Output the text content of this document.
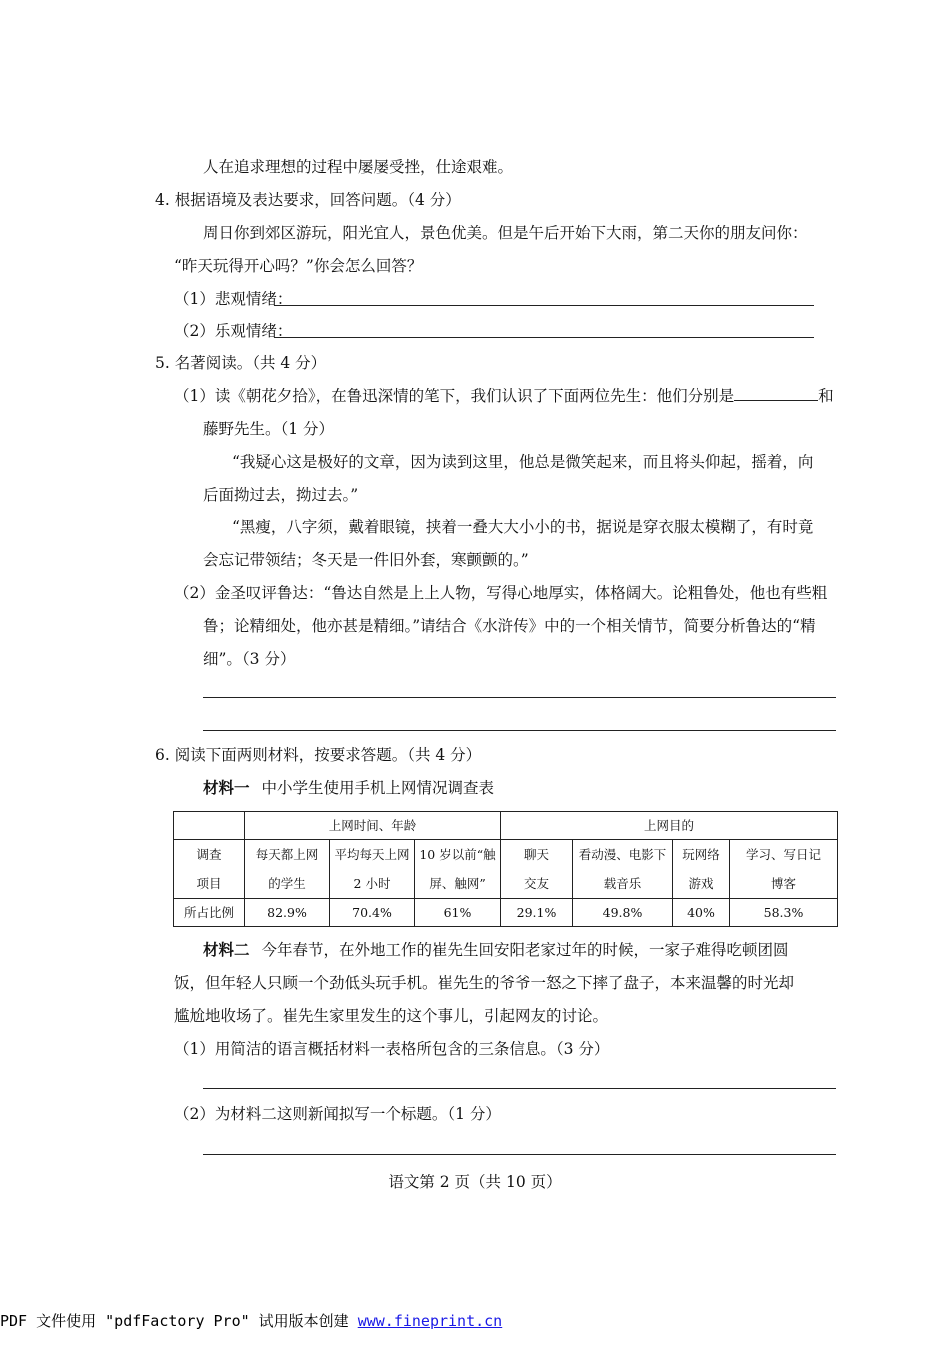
人在追求理想的过程中屡屡受挫，仕途艰难。
4. 根据语境及表达要求，回答问题。（4 分）
周日你到郊区游玩，阳光宜人，景色优美。但是午后开始下大雨，第二天你的朋友问你：
“昨天玩得开心吗？”你会怎么回答？
（1）悲观情绪：
（2）乐观情绪：
5. 名著阅读。（共 4 分）
（1）读《朝花夕拾》，在鲁迅深情的笔下，我们认识了下面两位先生：他们分别是	和
藤野先生。（1 分）
“我疑心这是极好的文章，因为读到这里，他总是微笑起来，而且将头仰起，摇着，向
后面拗过去，拗过去。”
“黑瘦，八字须，戴着眼镜，挟着一叠大大小小的书，据说是穿衣服太模糊了，有时竟
会忘记带领结；冬天是一件旧外套，寒颤颤的。”
（2）金圣叹评鲁达：“鲁达自然是上上人物，写得心地厚实，体格阔大。论粗鲁处，他也有些粗
鲁；论精细处，他亦甚是精细。”请结合《水浒传》中的一个相关情节，简要分析鲁达的“精
细”。（3 分）
6. 阅读下面两则材料，按要求答题。（共 4 分）
材料一 中小学生使用手机上网情况调查表
	上网时间、年龄			上网目的			

调查
项目	每天都上网
的学生	平均每天上网
2 小时	10 岁以前“触
屏、触网”	聊天
交友	看动漫、电影下
载音乐	玩网络
游戏	学习、写日记
博客

所占比例	82.9%	70.4%	61%	29.1%	49.8%	40%	58.3%
材料二 今年春节，在外地工作的崔先生回安阳老家过年的时候，一家子难得吃顿团圆
饭，但年轻人只顾一个劲低头玩手机。崔先生的爷爷一怒之下摔了盘子，本来温馨的时光却
尴尬地收场了。崔先生家里发生的这个事儿，引起网友的讨论。
（1）用简洁的语言概括材料一表格所包含的三条信息。（3 分）
（2）为材料二这则新闻拟写一个标题。（1 分）
语文第 2 页（共 10 页）
PDF 文件使用 "pdfFactory Pro" 试用版本创建 www.fineprint.cn
